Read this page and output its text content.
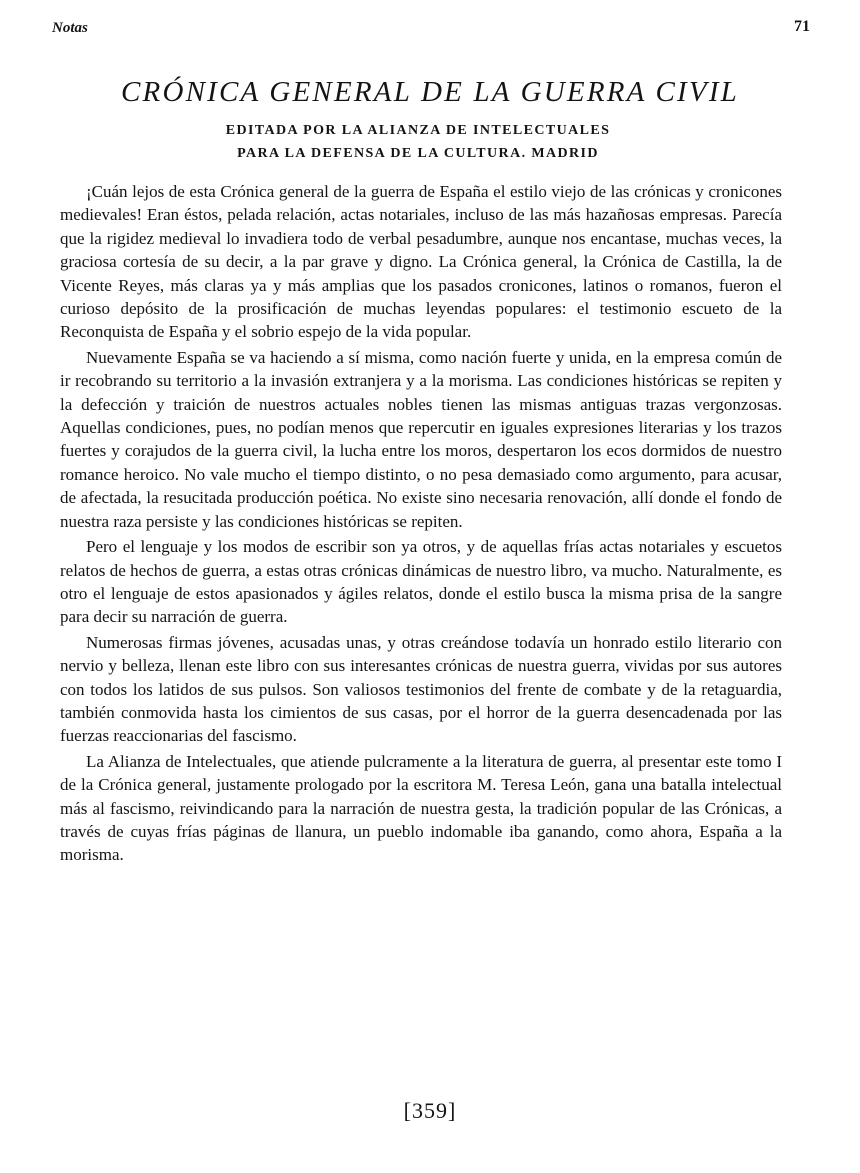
Notas	71
CRÓNICA GENERAL DE LA GUERRA CIVIL
EDITADA POR LA ALIANZA DE INTELECTUALES
PARA LA DEFENSA DE LA CULTURA. MADRID

¡Cuán lejos de esta Crónica general de la guerra de España el estilo viejo de las crónicas y cronicones medievales! Eran éstos, pelada relación, actas notariales, incluso de las más hazañosas empresas. Parecía que la rigidez medieval lo invadiera todo de verbal pesadumbre, aunque nos encantase, muchas veces, la graciosa cortesía de su decir, a la par grave y digno. La Crónica general, la Crónica de Castilla, la de Vicente Reyes, más claras ya y más amplias que los pasados cronicones, latinos o romanos, fueron el curioso depósito de la prosificación de muchas leyendas populares: el testimonio escueto de la Reconquista de España y el sobrio espejo de la vida popular.

Nuevamente España se va haciendo a sí misma, como nación fuerte y unida, en la empresa común de ir recobrando su territorio a la invasión extranjera y a la morisma. Las condiciones históricas se repiten y la defección y traición de nuestros actuales nobles tienen las mismas antiguas trazas vergonzosas. Aquellas condiciones, pues, no podían menos que repercutir en iguales expresiones literarias y los trazos fuertes y corajudos de la guerra civil, la lucha entre los moros, despertaron los ecos dormidos de nuestro romance heroico. No vale mucho el tiempo distinto, o no pesa demasiado como argumento, para acusar, de afectada, la resucitada producción poética. No existe sino necesaria renovación, allí donde el fondo de nuestra raza persiste y las condiciones históricas se repiten.

Pero el lenguaje y los modos de escribir son ya otros, y de aquellas frías actas notariales y escuetos relatos de hechos de guerra, a estas otras crónicas dinámicas de nuestro libro, va mucho. Naturalmente, es otro el lenguaje de estos apasionados y ágiles relatos, donde el estilo busca la misma prisa de la sangre para decir su narración de guerra.

Numerosas firmas jóvenes, acusadas unas, y otras creándose todavía un honrado estilo literario con nervio y belleza, llenan este libro con sus interesantes crónicas de nuestra guerra, vividas por sus autores con todos los latidos de sus pulsos. Son valiosos testimonios del frente de combate y de la retaguardia, también conmovida hasta los cimientos de sus casas, por el horror de la guerra desencadenada por las fuerzas reaccionarias del fascismo.

La Alianza de Intelectuales, que atiende pulcramente a la literatura de guerra, al presentar este tomo I de la Crónica general, justamente prologado por la escritora M. Teresa León, gana una batalla intelectual más al fascismo, reivindicando para la narración de nuestra gesta, la tradición popular de las Crónicas, a través de cuyas frías páginas de llanura, un pueblo indomable iba ganando, como ahora, España a la morisma.

[359]
